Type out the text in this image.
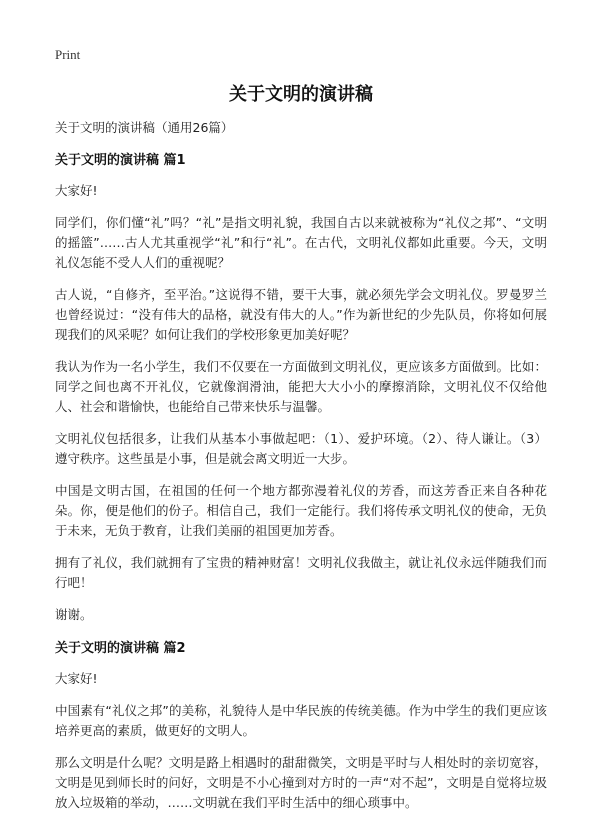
Print
关于文明的演讲稿
关于文明的演讲稿（通用26篇）
关于文明的演讲稿 篇1

大家好!

同学们，你们懂“礼”吗？“礼”是指文明礼貌，我国自古以来就被称为“礼仪之邦”、“文明的摇篮”……古人尤其重视学“礼”和行“礼”。在古代，文明礼仪都如此重要。今天，文明礼仪怎能不受人人们的重视呢？

古人说，“自修齐，至平治。”这说得不错，要干大事，就必须先学会文明礼仪。罗曼罗兰也曾经说过：“没有伟大的品格，就没有伟大的人。”作为新世纪的少先队员，你将如何展现我们的风采呢？如何让我们的学校形象更加美好呢？

我认为作为一名小学生，我们不仅要在一方面做到文明礼仪，更应该多方面做到。比如：同学之间也离不开礼仪，它就像润滑油，能把大大小小的摩擦消除，文明礼仪不仅给他人、社会和谐愉快，也能给自己带来快乐与温馨。

文明礼仪包括很多，让我们从基本小事做起吧：（1）、爱护环境。（2）、待人谦让。（3）遵守秩序。这些虽是小事，但是就会离文明近一大步。

中国是文明古国，在祖国的任何一个地方都弥漫着礼仪的芳香，而这芳香正来自各种花朵。你，便是他们的份子。相信自己，我们一定能行。我们将传承文明礼仪的使命，无负于未来，无负于教育，让我们美丽的祖国更加芳香。

拥有了礼仪，我们就拥有了宝贵的精神财富！文明礼仪我做主，就让礼仪永远伴随我们而行吧！

谢谢。

关于文明的演讲稿 篇2

大家好!

中国素有“礼仪之邦”的美称，礼貌待人是中华民族的传统美德。作为中学生的我们更应该培养更高的素质，做更好的文明人。

那么文明是什么呢？文明是路上相遇时的甜甜微笑，文明是平时与人相处时的亲切宽容，文明是见到师长时的问好，文明是不小心撞到对方时的一声“对不起”，文明是自觉将垃圾放入垃圾箱的举动，……文明就在我们平时生活中的细心琐事中。
